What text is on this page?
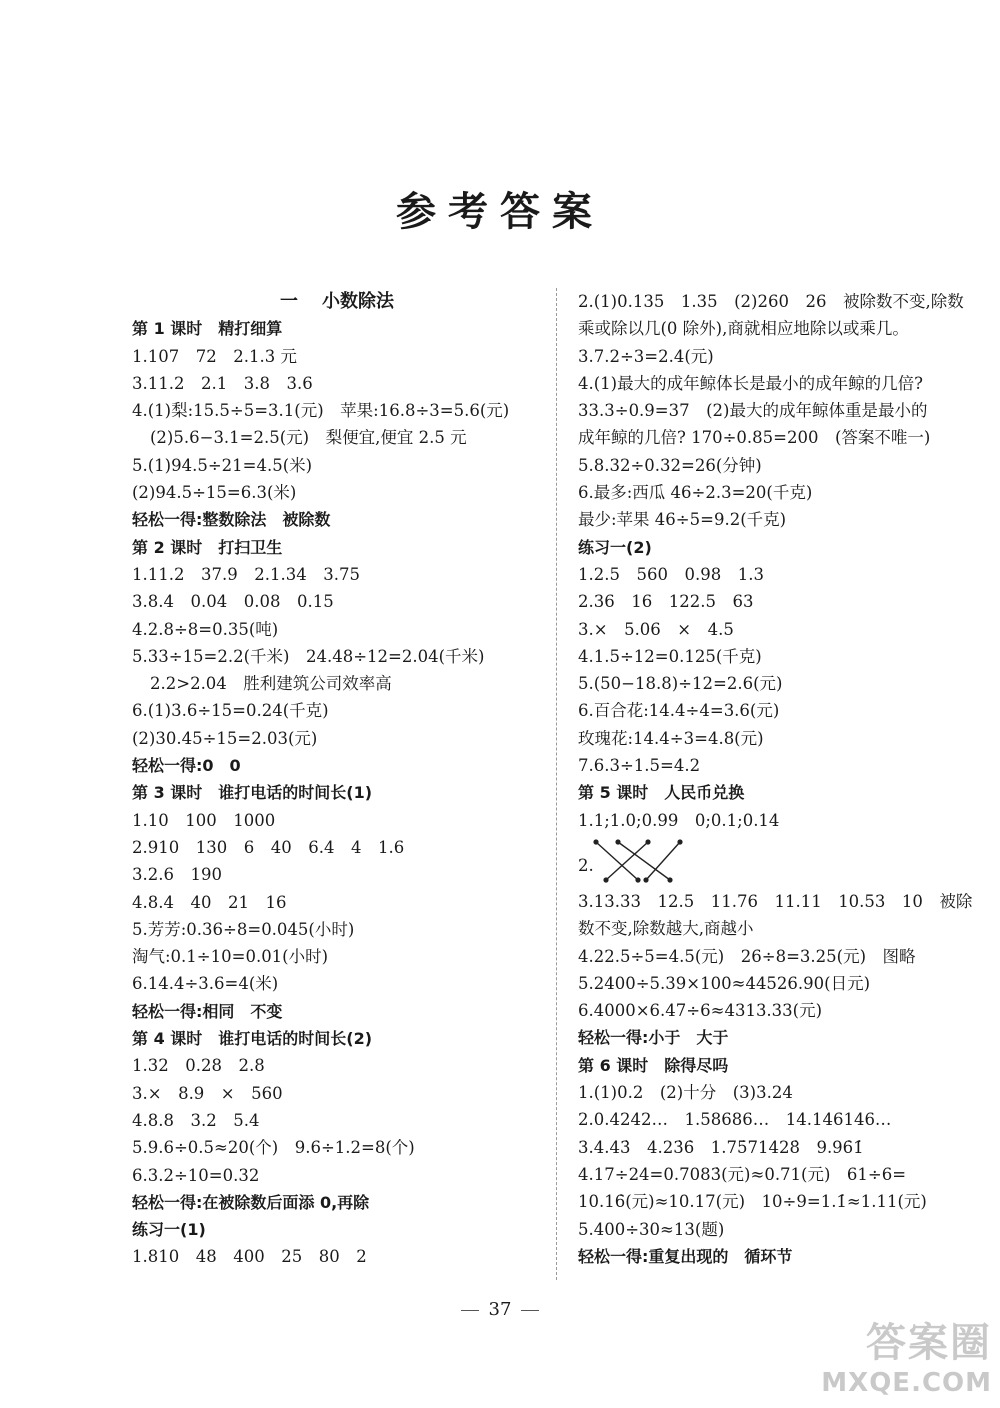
参考答案
一 小数除法
第 1 课时　精打细算
1.107　72　2.1.3 元
3.11.2　2.1　3.8　3.6
4.(1)梨:15.5÷5=3.1(元)　苹果:16.8÷3=5.6(元)
(2)5.6−3.1=2.5(元)　梨便宜,便宜 2.5 元
5.(1)94.5÷21=4.5(米)
(2)94.5÷15=6.3(米)
轻松一得:整数除法　被除数
第 2 课时　打扫卫生
1.11.2　37.9　2.1.34　3.75
3.8.4　0.04　0.08　0.15
4.2.8÷8=0.35(吨)
5.33÷15=2.2(千米)　24.48÷12=2.04(千米)
2.2>2.04　胜利建筑公司效率高
6.(1)3.6÷15=0.24(千克)
(2)30.45÷15=2.03(元)
轻松一得:0　0
第 3 课时　谁打电话的时间长(1)
1.10　100　1000
2.910　130　6　40　6.4　4　1.6
3.2.6　190
4.8.4　40　21　16
5.芳芳:0.36÷8=0.045(小时)
淘气:0.1÷10=0.01(小时)
6.14.4÷3.6=4(米)
轻松一得:相同　不变
第 4 课时　谁打电话的时间长(2)
1.32　0.28　2.8
3.×　8.9　×　560
4.8.8　3.2　5.4
5.9.6÷0.5≈20(个)　9.6÷1.2=8(个)
6.3.2÷10=0.32
轻松一得:在被除数后面添 0,再除
练习一(1)
1.810　48　400　25　80　2
2.(1)0.135　1.35　(2)260　26　被除数不变,除数
乘或除以几(0 除外),商就相应地除以或乘几。
3.7.2÷3=2.4(元)
4.(1)最大的成年鲸体长是最小的成年鲸的几倍?
33.3÷0.9=37　(2)最大的成年鲸体重是最小的
成年鲸的几倍? 170÷0.85=200　(答案不唯一)
5.8.32÷0.32=26(分钟)
6.最多:西瓜 46÷2.3=20(千克)
最少:苹果 46÷5=9.2(千克)
练习一(2)
1.2.5　560　0.98　1.3
2.36　16　122.5　63
3.×　5.06　×　4.5
4.1.5÷12=0.125(千克)
5.(50−18.8)÷12=2.6(元)
6.百合花:14.4÷4=3.6(元)
玫瑰花:14.4÷3=4.8(元)
7.6.3÷1.5=4.2
第 5 课时　人民币兑换
1.1;1.0;0.99　0;0.1;0.14
2.
3.13.33　12.5　11.76　11.11　10.53　10　被除
数不变,除数越大,商越小
4.22.5÷5=4.5(元)　26÷8=3.25(元)　图略
5.2400÷5.39×100≈44526.90(日元)
6.4000×6.47÷6≈4313.33(元)
轻松一得:小于　大于
第 6 课时　除得尽吗
1.(1)0.2　(2)十分　(3)3.24
2.0.4242…　1.58686…　14.146146…
3.4.43̇　4.23̇6̇　1.75̇71428̇　9.96̇1̇
4.17÷24=0.7083̇(元)≈0.71(元)　61÷6=
10.16̇(元)≈10.17(元)　10÷9=1.1̇≈1.11(元)
5.400÷30≈13(题)
轻松一得:重复出现的　循环节
37
答案圈
MXQE.COM
